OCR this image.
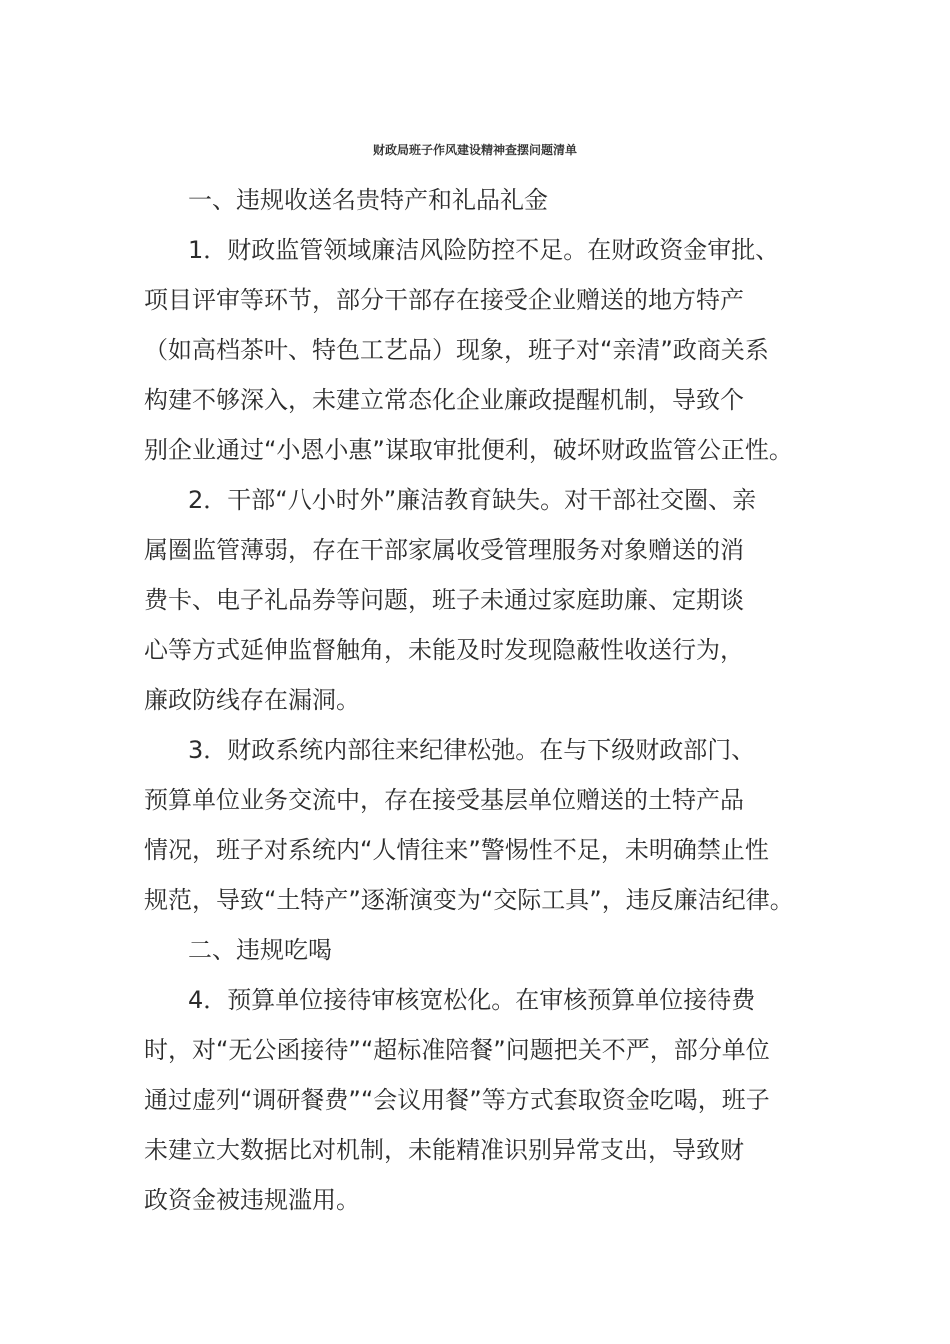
财政局班子作风建设精神查摆问题清单

一、违规收送名贵特产和礼品礼金

1．财政监管领域廉洁风险防控不足。在财政资金审批、

项目评审等环节，部分干部存在接受企业赠送的地方特产

（如高档茶叶、特色工艺品）现象，班子对“亲清”政商关系

构建不够深入，未建立常态化企业廉政提醒机制，导致个

别企业通过“小恩小惠”谋取审批便利，破坏财政监管公正性。

2．干部“八小时外”廉洁教育缺失。对干部社交圈、亲

属圈监管薄弱，存在干部家属收受管理服务对象赠送的消

费卡、电子礼品券等问题，班子未通过家庭助廉、定期谈

心等方式延伸监督触角，未能及时发现隐蔽性收送行为，

廉政防线存在漏洞。

3．财政系统内部往来纪律松弛。在与下级财政部门、

预算单位业务交流中，存在接受基层单位赠送的土特产品

情况，班子对系统内“人情往来”警惕性不足，未明确禁止性

规范，导致“土特产”逐渐演变为“交际工具”，违反廉洁纪律。

二、违规吃喝

4．预算单位接待审核宽松化。在审核预算单位接待费

时，对“无公函接待”“超标准陪餐”问题把关不严，部分单位

通过虚列“调研餐费”“会议用餐”等方式套取资金吃喝，班子

未建立大数据比对机制，未能精准识别异常支出，导致财

政资金被违规滥用。
